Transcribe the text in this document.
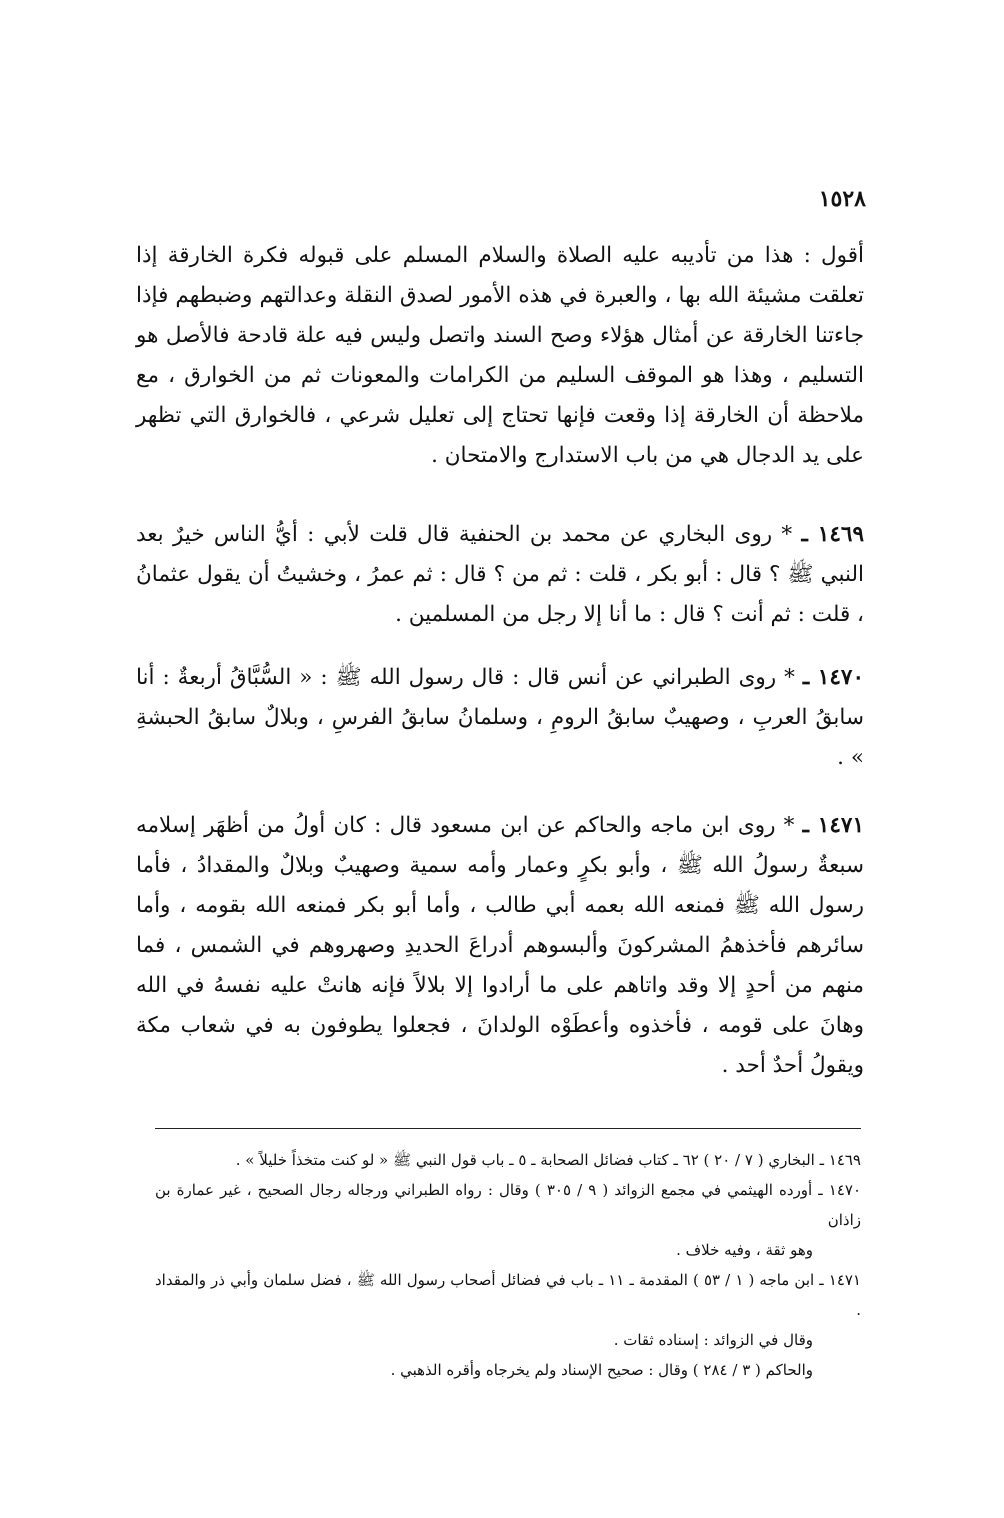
١٥٢٨

أقول : هذا من تأديبه عليه الصلاة والسلام المسلم على قبوله فكرة الخارقة إذا تعلقت مشيئة الله بها ، والعبرة في هذه الأمور لصدق النقلة وعدالتهم وضبطهم فإذا جاءتنا الخارقة عن أمثال هؤلاء وصح السند واتصل وليس فيه علة قادحة فالأصل هو التسليم ، وهذا هو الموقف السليم من الكرامات والمعونات ثم من الخوارق ، مع ملاحظة أن الخارقة إذا وقعت فإنها تحتاج إلى تعليل شرعي ، فالخوارق التي تظهر على يد الدجال هي من باب الاستدارج والامتحان .

١٤٦٩ ـ * روى البخاري عن محمد بن الحنفية قال قلت لأبي : أيُّ الناس خيرٌ بعد النبي ﷺ ؟ قال : أبو بكر ، قلت : ثم من ؟ قال : ثم عمرُ ، وخشيتُ أن يقول عثمانُ ، قلت : ثم أنت ؟ قال : ما أنا إلا رجل من المسلمين .

١٤٧٠ ـ * روى الطبراني عن أنس قال : قال رسول الله ﷺ : « السُّبَّاقُ أربعةٌ : أنا سابقُ العربِ ، وصهيبٌ سابقُ الرومِ ، وسلمانُ سابقُ الفرسِ ، وبلالٌ سابقُ الحبشةِ » .

١٤٧١ ـ * روى ابن ماجه والحاكم عن ابن مسعود قال : كان أولُ من أظهَر إسلامه سبعةٌ رسولُ الله ﷺ ، وأبو بكرٍ وعمار وأمه سمية وصهيبٌ وبلالٌ والمقدادُ ، فأما رسول الله ﷺ فمنعه الله بعمه أبي طالب ، وأما أبو بكر فمنعه الله بقومه ، وأما سائرهم فأخذهمُ المشركونَ وألبسوهم أدراعَ الحديدِ وصهروهم في الشمس ، فما منهم من أحدٍ إلا وقد واتاهم على ما أرادوا إلا بلالاً فإنه هانتْ عليه نفسهُ في الله وهانَ على قومه ، فأخذوه وأعطَوْه الولدانَ ، فجعلوا يطوفون به في شعاب مكة ويقولُ أحدٌ أحد .

١٤٦٩ ـ البخاري ( ٧ / ٢٠ ) ٦٢ ـ كتاب فضائل الصحابة ـ ٥ ـ باب قول النبي ﷺ « لو كنت متخذاً خليلاً » .

١٤٧٠ ـ أورده الهيثمي في مجمع الزوائد ( ٩ / ٣٠٥ ) وقال : رواه الطبراني ورجاله رجال الصحيح ، غير عمارة بن زاذان

وهو ثقة ، وفيه خلاف .

١٤٧١ ـ ابن ماجه ( ١ / ٥٣ ) المقدمة ـ ١١ ـ باب في فضائل أصحاب رسول الله ﷺ ، فضل سلمان وأبي ذر والمقداد .

وقال في الزوائد : إسناده ثقات .

والحاكم ( ٣ / ٢٨٤ ) وقال : صحيح الإسناد ولم يخرجاه وأقره الذهبي .
